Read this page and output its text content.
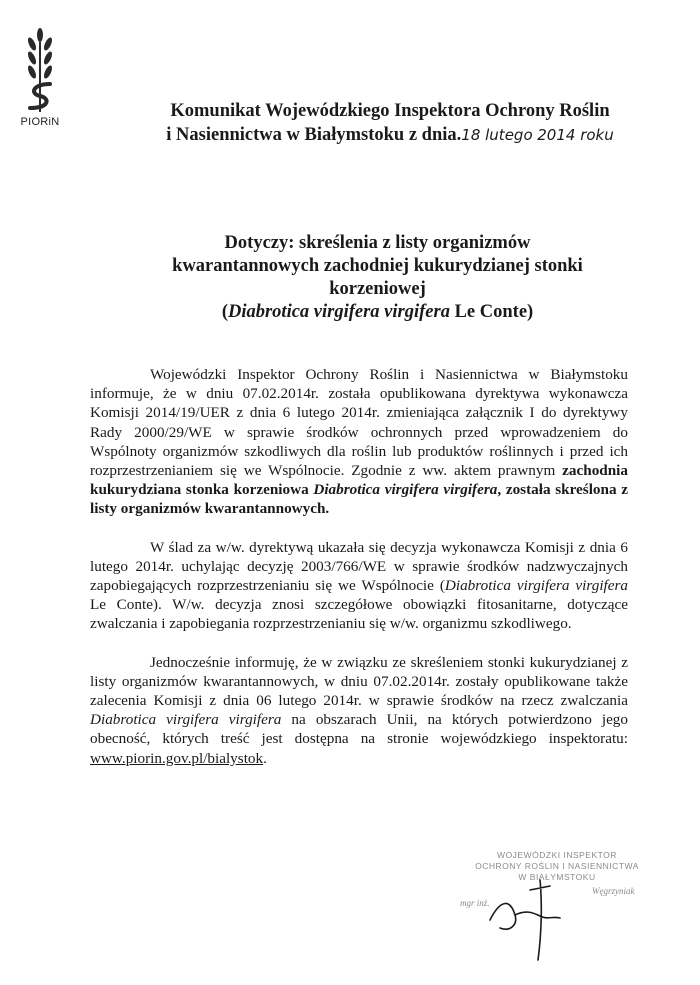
PIORiN
Komunikat Wojewódzkiego Inspektora Ochrony Roślin
i Nasiennictwa w Białymstoku z dnia.18 lutego 2014 roku
Dotyczy: skreślenia z listy organizmów
kwarantannowych zachodniej kukurydzianej stonki
korzeniowej
(Diabrotica virgifera virgifera Le Conte)

Wojewódzki Inspektor Ochrony Roślin i Nasiennictwa w Białymstoku informuje, że w dniu 07.02.2014r. została opublikowana dyrektywa wykonawcza Komisji 2014/19/UER z dnia 6 lutego 2014r. zmieniająca załącznik I do dyrektywy Rady 2000/29/WE w sprawie środków ochronnych przed wprowadzeniem do Wspólnoty organizmów szkodliwych dla roślin lub produktów roślinnych i przed ich rozprzestrzenianiem się we Wspólnocie. Zgodnie z ww. aktem prawnym zachodnia kukurydziana stonka korzeniowa Diabrotica virgifera virgifera, została skreślona z listy organizmów kwarantannowych.

W ślad za w/w. dyrektywą ukazała się decyzja wykonawcza Komisji z dnia 6 lutego 2014r. uchylając decyzję 2003/766/WE w sprawie środków nadzwyczajnych zapobiegających rozprzestrzenianiu się we Wspólnocie (Diabrotica virgifera virgifera Le Conte). W/w. decyzja znosi szczegółowe obowiązki fitosanitarne, dotyczące zwalczania i zapobiegania rozprzestrzenianiu się w/w. organizmu szkodliwego.

Jednocześnie informuję, że w związku ze skreśleniem stonki kukurydzianej z listy organizmów kwarantannowych, w dniu 07.02.2014r. zostały opublikowane także zalecenia Komisji z dnia 06 lutego 2014r. w sprawie środków na rzecz zwalczania Diabrotica virgifera virgifera na obszarach Unii, na których potwierdzono jego obecność, których treść jest dostępna na stronie wojewódzkiego inspektoratu: www.piorin.gov.pl/bialystok.

WOJEWÓDZKI INSPEKTOR
OCHRONY ROŚLIN I NASIENNICTWA
W BIAŁYMSTOKU
mgr inż.
Węgrzyniak
